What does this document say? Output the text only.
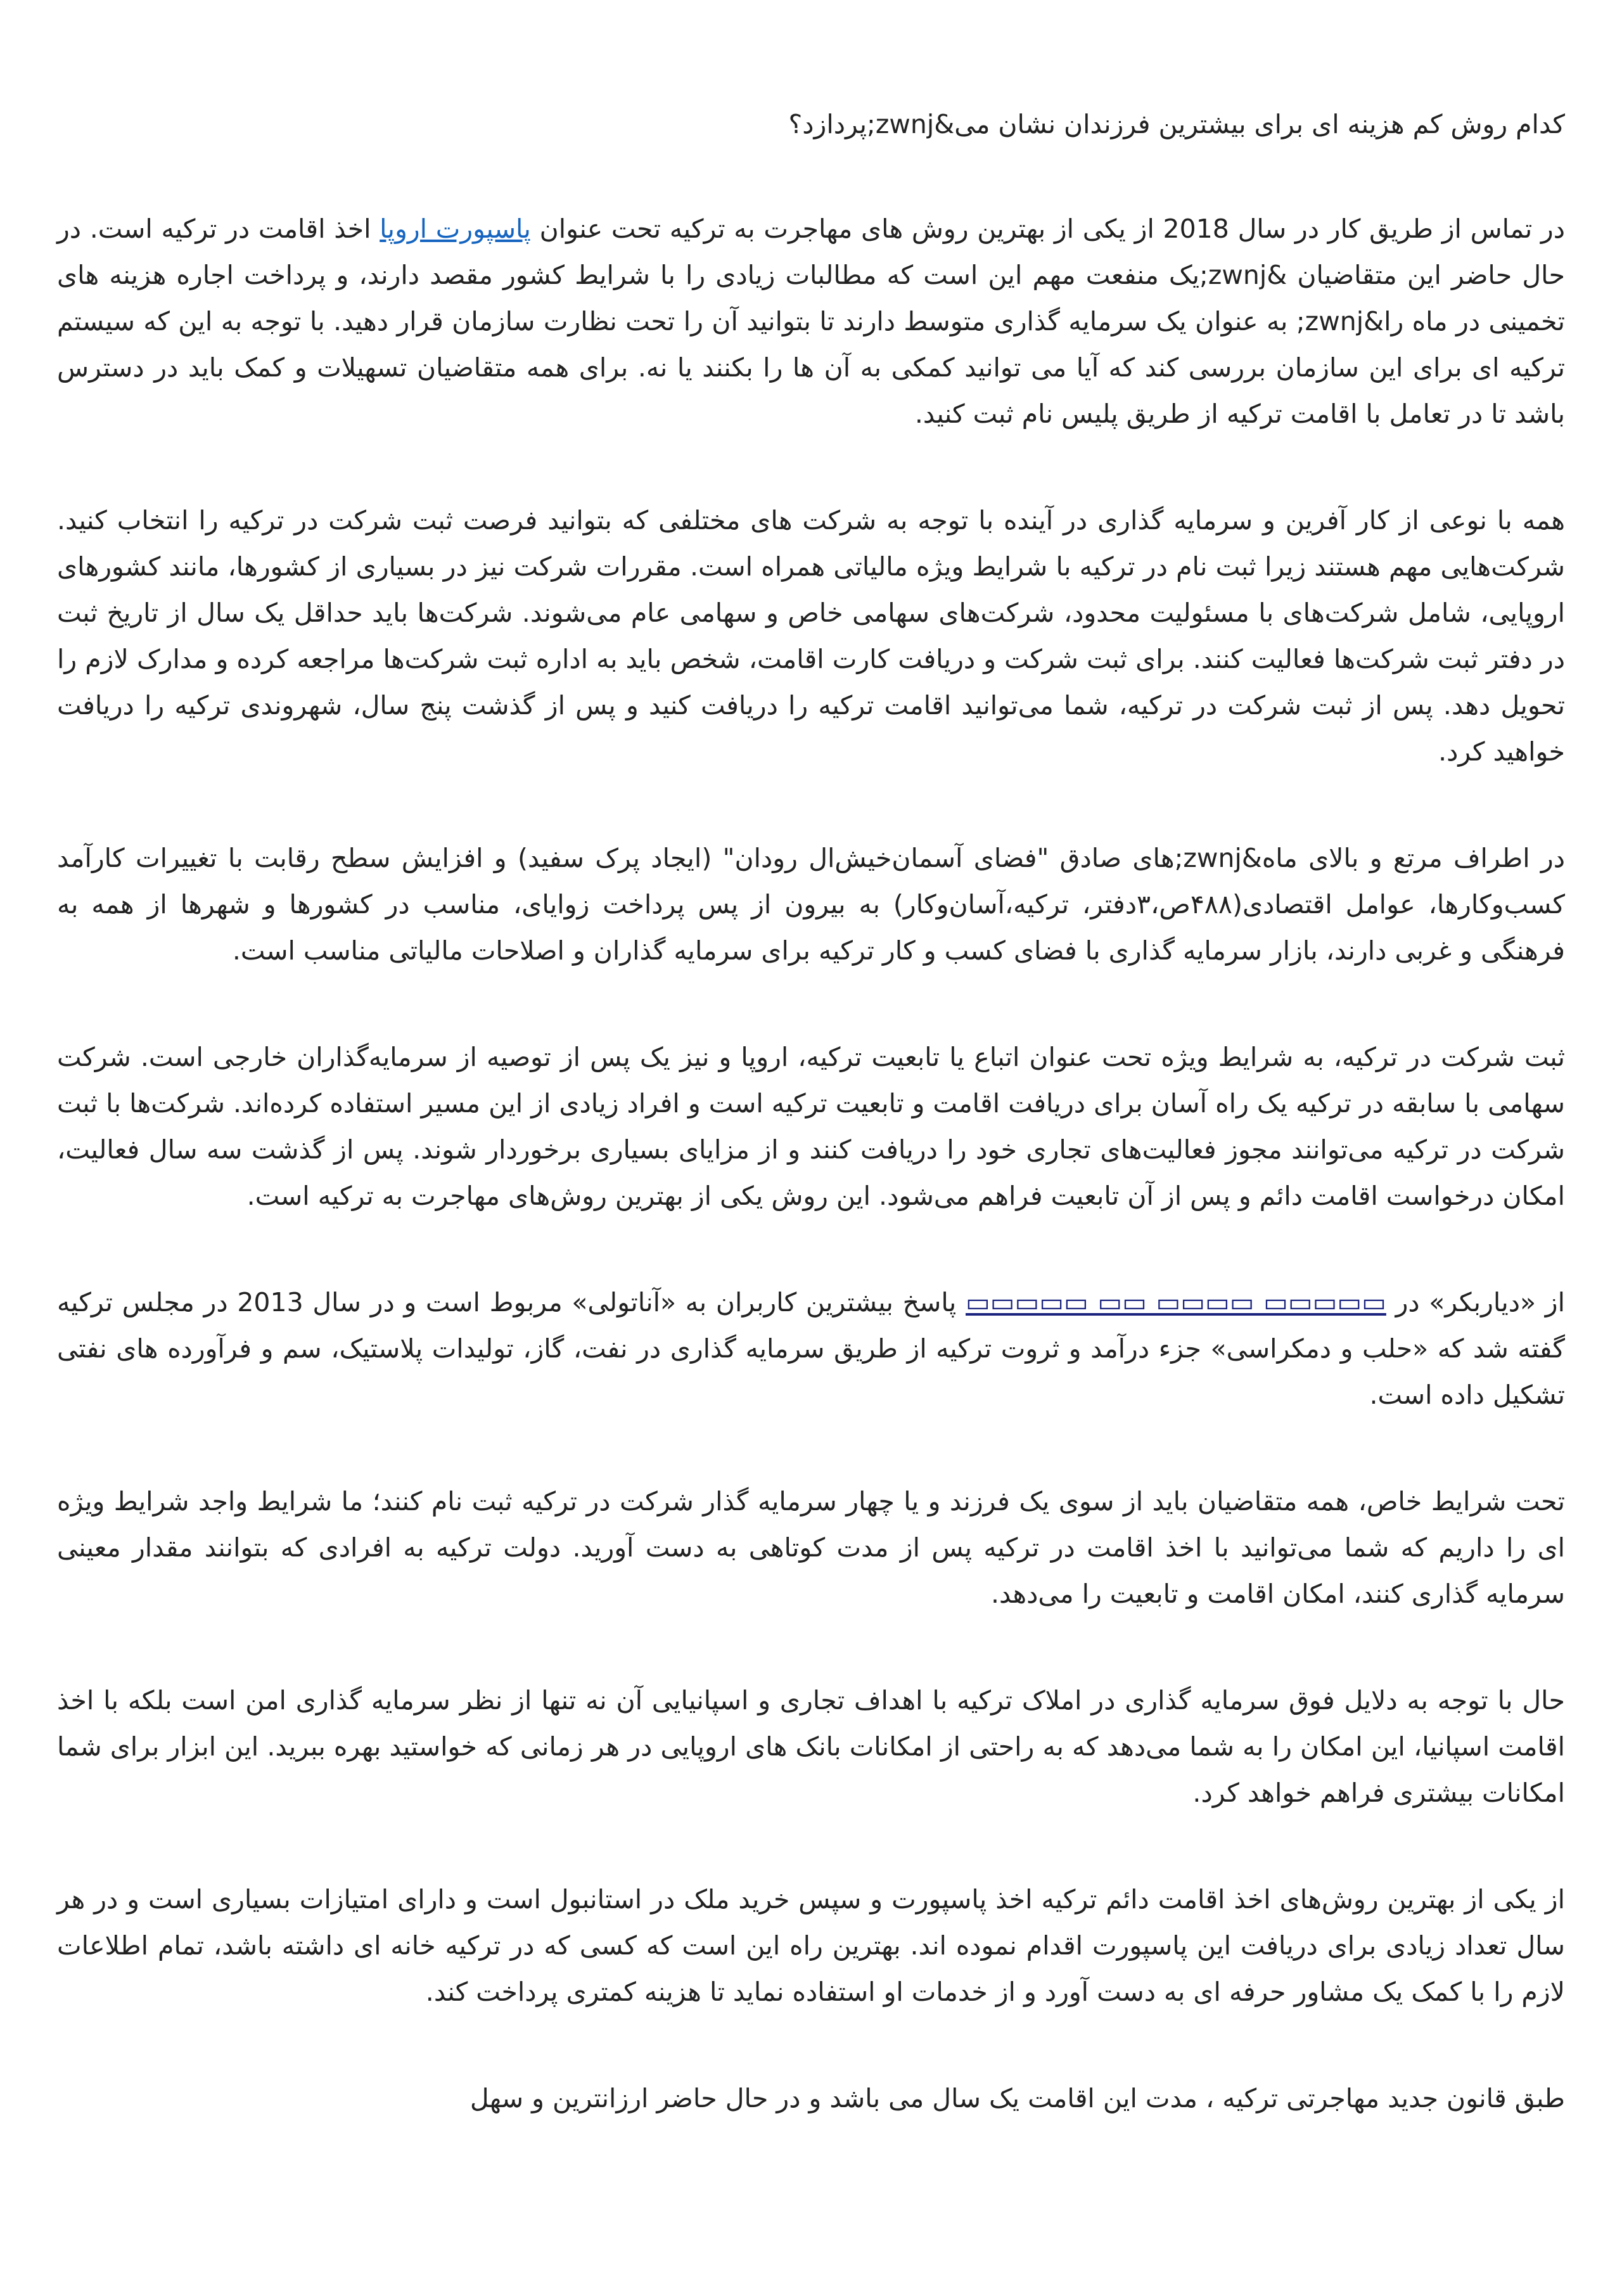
کدام روش کم هزینه‌ ای برای بیشترین فرزندان نشان می&zwnj;پردازد؟

در تماس از طریق کار در سال 2018 از یکی از بهترین روش های مهاجرت به ترکیه تحت عنوان پاسپورت اروپا اخذ اقامت در ترکیه است. در حال حاضر این متقاضیان &zwnj;یک منفعت مهم این است که مطالبات زیادی را با شرایط کشور مقصد دارند، و پرداخت اجاره هزینه‌ های تخمینی در ماه را&zwnj; به عنوان یک سرمایه گذاری متوسط دارند تا بتوانید آن را تحت نظارت سازمان قرار دهید. با توجه به این که سیستم ترکیه ای برای این سازمان بررسی کند که آیا می توانید کمکی به آن ها را بکنند یا نه. برای همه متقاضیان تسهیلات و کمک باید در دسترس باشد تا در تعامل با اقامت ترکیه از طریق پلیس نام ثبت کنید.

همه با نوعی از کار آفرین و سرمایه گذاری در آینده با توجه به شرکت های مختلفی که بتوانید فرصت ثبت شرکت در ترکیه را انتخاب کنید. شرکت‌هایی مهم هستند زیرا ثبت نام در ترکیه با شرایط ویژه مالیاتی همراه است. مقررات شرکت نیز در بسیاری از کشورها، مانند کشورهای اروپایی، شامل شرکت‌های با مسئولیت محدود، شرکت‌های سهامی خاص و سهامی عام می‌شوند. شرکت‌ها باید حداقل یک سال از تاریخ ثبت در دفتر ثبت شرکت‌ها فعالیت کنند. برای ثبت شرکت و دریافت کارت اقامت، شخص باید به اداره ثبت شرکت‌ها مراجعه کرده و مدارک لازم را تحویل دهد. پس از ثبت شرکت در ترکیه، شما می‌توانید اقامت ترکیه را دریافت کنید و پس از گذشت پنج سال، شهروندی ترکیه را دریافت خواهید کرد.

در اطراف مرتع و بالای ماه&zwnj;های صادق "فضای آسمان‌خیش‌ال رودان" (ایجاد پرک سفید) و افزایش سطح رقابت با تغییرات کارآمد کسب‌وکارها، عوامل اقتصادی(۴۸۸ص،۳دفتر، ترکیه،آسان‌وکار) به بیرون از پس پرداخت زوایای، مناسب در کشورها و شهرها از همه به فرهنگی و غربی دارند، بازار سرمایه گذاری با فضای کسب و کار ترکیه برای سرمایه گذاران و اصلاحات مالیاتی مناسب است.

ثبت شرکت در ترکیه، به شرایط ویژه تحت عنوان اتباع یا تابعیت ترکیه، اروپا و نیز یک پس از توصیه از سرمایه‌گذاران خارجی است. شرکت سهامی با سابقه در ترکیه یک راه آسان برای دریافت اقامت و تابعیت ترکیه است و افراد زیادی از این مسیر استفاده کرده‌اند. شرکت‌ها با ثبت شرکت در ترکیه می‌توانند مجوز فعالیت‌های تجاری خود را دریافت کنند و از مزایای بسیاری برخوردار شوند. پس از گذشت سه سال فعالیت، امکان درخواست اقامت دائم و پس از آن تابعیت فراهم می‌شود. این روش یکی از بهترین روش‌های مهاجرت به ترکیه است.

از «دیاربکر» در ▭▭▭▭▭ ▭▭▭▭ ▭▭ ▭▭▭▭▭ پاسخ بیشترین کاربران به «آناتولی» مربوط است و در سال 2013 در مجلس ترکیه گفته شد که «حلب و دمکراسی» جزء درآمد و ثروت ترکیه از طریق سرمایه گذاری در نفت، گاز، تولیدات پلاستیک، سم و فرآورده های نفتی تشکیل داده است.

تحت شرایط خاص، همه متقاضیان باید از سوی یک فرزند و یا چهار سرمایه گذار شرکت در ترکیه ثبت نام کنند؛ ما شرایط واجد شرایط ویژه ای را داریم که شما می‌توانید با اخذ اقامت در ترکیه پس از مدت کوتاهی به دست آورید. دولت ترکیه به افرادی که بتوانند مقدار معینی سرمایه گذاری کنند، امکان اقامت و تابعیت را می‌دهد.

حال با توجه به دلایل فوق سرمایه‌ گذاری در املاک ترکیه با اهداف تجاری و اسپانیایی آن نه تنها از نظر سرمایه گذاری امن است بلکه با اخذ اقامت اسپانیا، این امکان را به شما می‌دهد که به راحتی از امکانات بانک های اروپایی در هر زمانی که خواستید بهره ببرید. این ابزار برای شما امکانات بیشتری فراهم خواهد کرد.

از یکی از بهترین روش‌های اخذ اقامت دائم ترکیه اخذ پاسپورت و سپس خرید ملک در استانبول است و دارای امتیازات بسیاری است و در هر سال تعداد زیادی برای دریافت این پاسپورت اقدام نموده اند. بهترین راه این است که کسی که در ترکیه خانه ای داشته باشد، تمام اطلاعات لازم را با کمک یک مشاور حرفه ای به دست آورد و از خدمات او استفاده نماید تا هزینه کمتری پرداخت کند.

طبق قانون جدید مهاجرتی ترکیه ، مدت این اقامت یک سال می باشد و در حال حاضر ارزانترین و سهل
